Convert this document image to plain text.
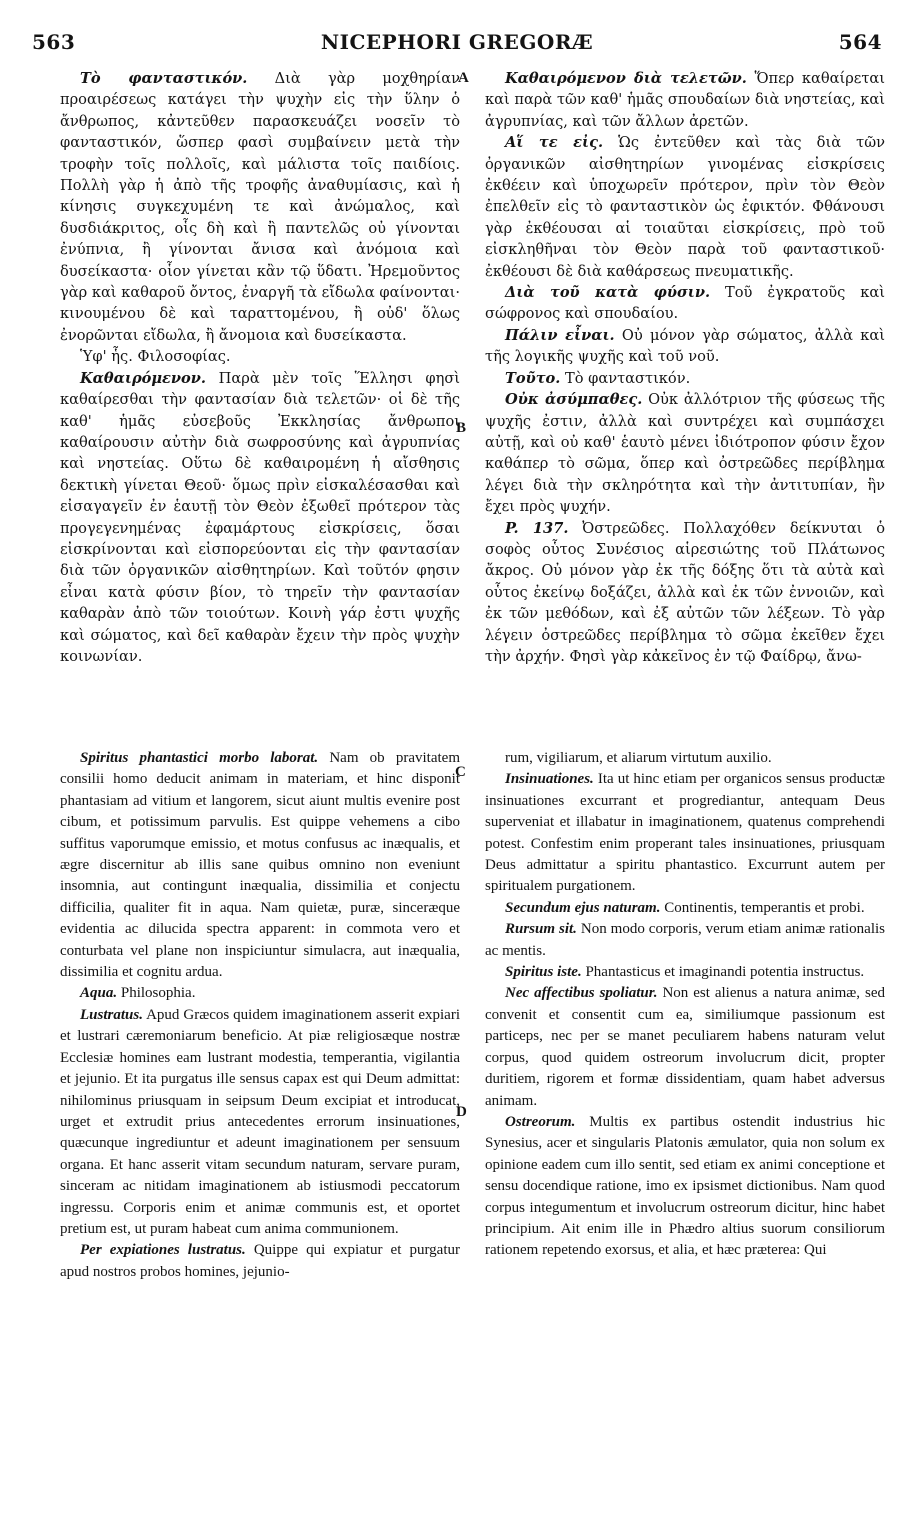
563	NICEPHORI GREGORÆ	564
A
B
C
D

Τὸ φανταστικόν. Διὰ γὰρ μοχθηρίαν προαιρέσεως κατάγει τὴν ψυχὴν εἰς τὴν ὕλην ὁ ἄνθρωπος, κἀντεῦθεν παρασκευάζει νοσεῖν τὸ φανταστικόν, ὥσπερ φασὶ συμβαίνειν μετὰ τὴν τροφὴν τοῖς πολλοῖς, καὶ μάλιστα τοῖς παιδίοις. Πολλὴ γὰρ ἡ ἀπὸ τῆς τροφῆς ἀναθυμίασις, καὶ ἡ κίνησις συγκεχυμένη τε καὶ ἀνώμαλος, καὶ δυσδιάκριτος, οἷς δὴ καὶ ἢ παντελῶς οὐ γίνονται ἐνύπνια, ἢ γίνονται ἄνισα καὶ ἀνόμοια καὶ δυσείκαστα· οἷον γίνεται κἂν τῷ ὕδατι. Ἠρεμοῦντος γὰρ καὶ καθαροῦ ὄντος, ἐναργῆ τὰ εἴδωλα φαίνονται· κινουμένου δὲ καὶ ταραττομένου, ἢ οὐδ' ὅλως ἐνορῶνται εἴδωλα, ἢ ἄνομοια καὶ δυσείκαστα.

Ὑφ' ἧς. Φιλοσοφίας.

Καθαιρόμενον. Παρὰ μὲν τοῖς Ἕλλησι φησὶ καθαίρεσθαι τὴν φαντασίαν διὰ τελετῶν· οἱ δὲ τῆς καθ' ἡμᾶς εὐσεβοῦς Ἐκκλησίας ἄνθρωποι καθαίρουσιν αὐτὴν διὰ σωφροσύνης καὶ ἀγρυπνίας καὶ νηστείας. Οὕτω δὲ καθαιρομένη ἡ αἴσθησις δεκτικὴ γίνεται Θεοῦ· ὅμως πρὶν εἰσκαλέσασθαι καὶ εἰσαγαγεῖν ἐν ἑαυτῇ τὸν Θεὸν ἐξωθεῖ πρότερον τὰς προγεγενημένας ἐφαμάρτους εἰσκρίσεις, ὅσαι εἰσκρίνονται καὶ εἰσπορεύονται εἰς τὴν φαντασίαν διὰ τῶν ὀργανικῶν αἰσθητηρίων. Καὶ τοῦτόν φησιν εἶναι κατὰ φύσιν βίον, τὸ τηρεῖν τὴν φαντασίαν καθαρὰν ἀπὸ τῶν τοιούτων. Κοινὴ γάρ ἐστι ψυχῆς καὶ σώματος, καὶ δεῖ καθαρὰν ἔχειν τὴν πρὸς ψυχὴν κοινωνίαν.

Καθαιρόμενον διὰ τελετῶν. Ὅπερ καθαίρεται καὶ παρὰ τῶν καθ' ἡμᾶς σπουδαίων διὰ νηστείας, καὶ ἀγρυπνίας, καὶ τῶν ἄλλων ἀρετῶν.

Αἵ τε εἰς. Ὡς ἐντεῦθεν καὶ τὰς διὰ τῶν ὀργανικῶν αἰσθητηρίων γινομένας εἰσκρίσεις ἐκθέειν καὶ ὑποχωρεῖν πρότερον, πρὶν τὸν Θεὸν ἐπελθεῖν εἰς τὸ φανταστικὸν ὡς ἐφικτόν. Φθάνουσι γὰρ ἐκθέουσαι αἱ τοιαῦται εἰσκρίσεις, πρὸ τοῦ εἰσκληθῆναι τὸν Θεὸν παρὰ τοῦ φανταστικοῦ· ἐκθέουσι δὲ διὰ καθάρσεως πνευματικῆς.

Διὰ τοῦ κατὰ φύσιν. Τοῦ ἐγκρατοῦς καὶ σώφρονος καὶ σπουδαίου.

Πάλιν εἶναι. Οὐ μόνον γὰρ σώματος, ἀλλὰ καὶ τῆς λογικῆς ψυχῆς καὶ τοῦ νοῦ.

Τοῦτο. Τὸ φανταστικόν.

Οὐκ ἀσύμπαθες. Οὐκ ἀλλότριον τῆς φύσεως τῆς ψυχῆς ἐστιν, ἀλλὰ καὶ συντρέχει καὶ συμπάσχει αὐτῇ, καὶ οὐ καθ' ἑαυτὸ μένει ἰδιότροπον φύσιν ἔχον καθάπερ τὸ σῶμα, ὅπερ καὶ ὀστρεῶδες περίβλημα λέγει διὰ τὴν σκληρότητα καὶ τὴν ἀντιτυπίαν, ἣν ἔχει πρὸς ψυχήν.

P. 137. Ὀστρεῶδες. Πολλαχόθεν δείκνυται ὁ σοφὸς οὗτος Συνέσιος αἱρεσιώτης τοῦ Πλάτωνος ἄκρος. Οὐ μόνον γὰρ ἐκ τῆς δόξης ὅτι τὰ αὐτὰ καὶ οὗτος ἐκείνῳ δοξάζει, ἀλλὰ καὶ ἐκ τῶν ἐννοιῶν, καὶ ἐκ τῶν μεθόδων, καὶ ἐξ αὐτῶν τῶν λέξεων. Τὸ γὰρ λέγειν ὀστρεῶδες περίβλημα τὸ σῶμα ἐκεῖθεν ἔχει τὴν ἀρχήν. Φησὶ γὰρ κἀκεῖνος ἐν τῷ Φαίδρῳ, ἄνω-

Spiritus phantastici morbo laborat. Nam ob pravitatem consilii homo deducit animam in materiam, et hinc disponit phantasiam ad vitium et langorem, sicut aiunt multis evenire post cibum, et potissimum parvulis. Est quippe vehemens a cibo suffitus vaporumque emissio, et motus confusus ac inæqualis, et ægre discernitur ab illis sane quibus omnino non eveniunt insomnia, aut contingunt inæqualia, dissimilia et conjectu difficilia, qualiter fit in aqua. Nam quietæ, puræ, sinceræque evidentia ac dilucida spectra apparent: in commota vero et conturbata vel plane non inspiciuntur simulacra, aut inæqualia, dissimilia et cognitu ardua.

Aqua. Philosophia.

Lustratus. Apud Græcos quidem imaginationem asserit expiari et lustrari cæremoniarum beneficio. At piæ religiosæque nostræ Ecclesiæ homines eam lustrant modestia, temperantia, vigilantia et jejunio. Et ita purgatus ille sensus capax est qui Deum admittat: nihilominus priusquam in seipsum Deum excipiat et introducat, urget et extrudit prius antecedentes errorum insinuationes, quæcunque ingrediuntur et adeunt imaginationem per sensuum organa. Et hanc asserit vitam secundum naturam, servare puram, sinceram ac nitidam imaginationem ab istiusmodi peccatorum ingressu. Corporis enim et animæ communis est, et oportet pretium est, ut puram habeat cum anima communionem.

Per expiationes lustratus. Quippe qui expiatur et purgatur apud nostros probos homines, jejunio-

rum, vigiliarum, et aliarum virtutum auxilio.

Insinuationes. Ita ut hinc etiam per organicos sensus productæ insinuationes excurrant et progrediantur, antequam Deus superveniat et illabatur in imaginationem, quatenus comprehendi potest. Confestim enim properant tales insinuationes, priusquam Deus admittatur a spiritu phantastico. Excurrunt autem per spiritualem purgationem.

Secundum ejus naturam. Continentis, temperantis et probi.

Rursum sit. Non modo corporis, verum etiam animæ rationalis ac mentis.

Spiritus iste. Phantasticus et imaginandi potentia instructus.

Nec affectibus spoliatur. Non est alienus a natura animæ, sed convenit et consentit cum ea, similiumque passionum est particeps, nec per se manet peculiarem habens naturam velut corpus, quod quidem ostreorum involucrum dicit, propter duritiem, rigorem et formæ dissidentiam, quam habet adversus animam.

Ostreorum. Multis ex partibus ostendit industrius hic Synesius, acer et singularis Platonis æmulator, quia non solum ex opinione eadem cum illo sentit, sed etiam ex animi conceptione et sensu docendique ratione, imo ex ipsismet dictionibus. Nam quod corpus integumentum et involucrum ostreorum dicitur, hinc habet principium. Ait enim ille in Phædro altius suorum consiliorum rationem repetendo exorsus, et alia, et hæc præterea: Qui
